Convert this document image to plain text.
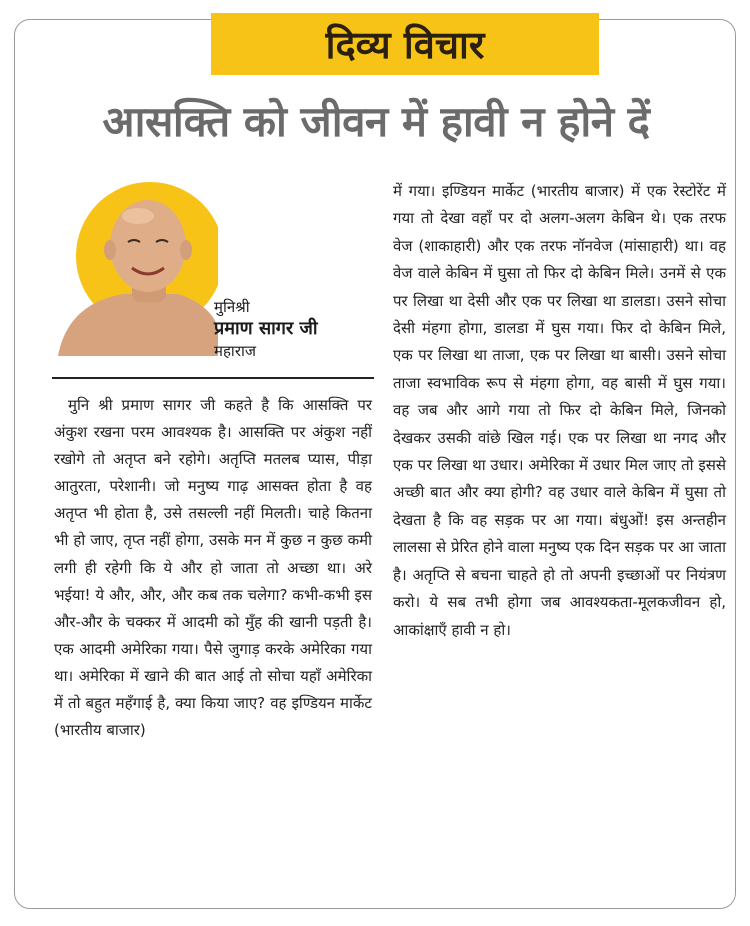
दिव्य विचार
आसक्ति को जीवन में हावी न होने दें
मुनिश्री
प्रमाण सागर जी
महाराज

मुनि श्री प्रमाण सागर जी कहते है कि आसक्ति पर अंकुश रखना परम आवश्यक है। आसक्ति पर अंकुश नहीं रखोगे तो अतृप्त बने रहोगे। अतृप्ति मतलब प्यास, पीड़ा आतुरता, परेशानी। जो मनुष्य गाढ़ आसक्त होता है वह अतृप्त भी होता है, उसे तसल्ली नहीं मिलती। चाहे कितना भी हो जाए, तृप्त नहीं होगा, उसके मन में कुछ न कुछ कमी लगी ही रहेगी कि ये और हो जाता तो अच्छा था। अरे भईया! ये और, और, और कब तक चलेगा? कभी-कभी इस और-और के चक्कर में आदमी को मुँह की खानी पड़ती है। एक आदमी अमेरिका गया। पैसे जुगाड़ करके अमेरिका गया था। अमेरिका में खाने की बात आई तो सोचा यहाँ अमेरिका में तो बहुत महँगाई है, क्या किया जाए? वह इण्डियन मार्केट (भारतीय बाजार)

में गया। इण्डियन मार्केट (भारतीय बाजार) में एक रेस्टोरेंट में गया तो देखा वहाँ पर दो अलग-अलग केबिन थे। एक तरफ वेज (शाकाहारी) और एक तरफ नॉनवेज (मांसाहारी) था। वह वेज वाले केबिन में घुसा तो फिर दो केबिन मिले। उनमें से एक पर लिखा था देसी और एक पर लिखा था डालडा। उसने सोचा देसी मंहगा होगा, डालडा में घुस गया। फिर दो केबिन मिले, एक पर लिखा था ताजा, एक पर लिखा था बासी। उसने सोचा ताजा स्वभाविक रूप से मंहगा होगा, वह बासी में घुस गया। वह जब और आगे गया तो फिर दो केबिन मिले, जिनको देखकर उसकी वांछे खिल गई। एक पर लिखा था नगद और एक पर लिखा था उधार। अमेरिका में उधार मिल जाए तो इससे अच्छी बात और क्या होगी? वह उधार वाले केबिन में घुसा तो देखता है कि वह सड़क पर आ गया। बंधुओं! इस अन्तहीन लालसा से प्रेरित होने वाला मनुष्य एक दिन सड़क पर आ जाता है। अतृप्ति से बचना चाहते हो तो अपनी इच्छाओं पर नियंत्रण करो। ये सब तभी होगा जब आवश्यकता-मूलकजीवन हो, आकांक्षाएँ हावी न हो।
